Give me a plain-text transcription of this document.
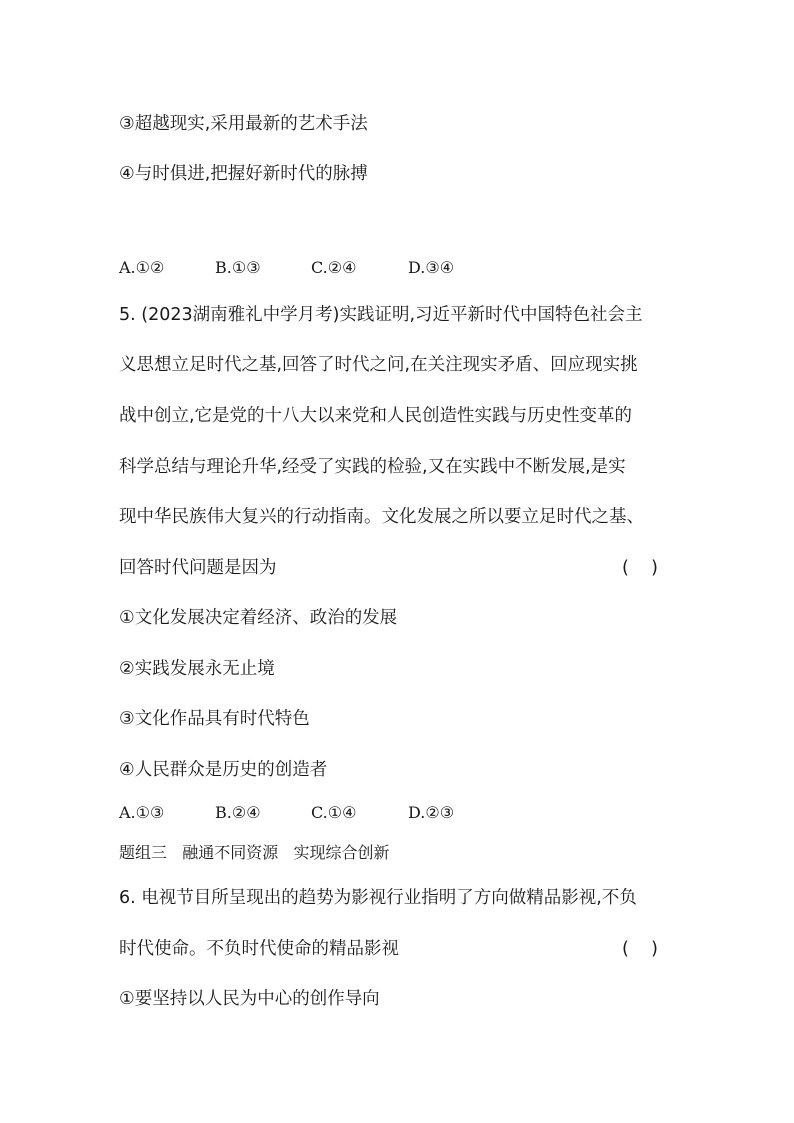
③超越现实,采用最新的艺术手法
④与时俱进,把握好新时代的脉搏
A.①②	B.①③	C.②④	D.③④
5. (2023湖南雅礼中学月考)实践证明,习近平新时代中国特色社会主
义思想立足时代之基,回答了时代之问,在关注现实矛盾、回应现实挑
战中创立,它是党的十八大以来党和人民创造性实践与历史性变革的
科学总结与理论升华,经受了实践的检验,又在实践中不断发展,是实
现中华民族伟大复兴的行动指南。文化发展之所以要立足时代之基、
回答时代问题是因为	(    )
①文化发展决定着经济、政治的发展
②实践发展永无止境
③文化作品具有时代特色
④人民群众是历史的创造者
A.①③	B.②④	C.①④	D.②③
题组三   融通不同资源   实现综合创新
6. 电视节目所呈现出的趋势为影视行业指明了方向做精品影视,不负
时代使命。不负时代使命的精品影视	(    )
①要坚持以人民为中心的创作导向
